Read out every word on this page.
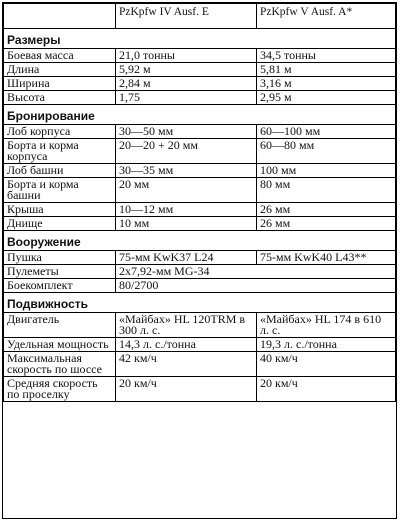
	PzKpfw IV Ausf. E	PzKpfw V Ausf. A*
Размеры		
Боевая масса	21,0 тонны	34,5 тонны
Длина	5,92 м	5,81 м
Ширина	2,84 м	3,16 м
Высота	1,75	2,95 м
Бронирование		
Лоб корпуса	30—50 мм	60—100 мм
Борта и корма корпуса	20—20 + 20 мм	60—80 мм
Лоб башни	30—35 мм	100 мм
Борта и корма башни	20 мм	80 мм
Крыша	10—12 мм	26 мм
Днище	10 мм	26 мм
Вооружение		
Пушка	75-мм KwK37 L24	75-мм KwK40 L43**
Пулеметы	2х7,92-мм MG-34	
Боекомплект	80/2700	
Подвижность		
Двигатель	«Майбах» HL 120TRM в 300 л. с.	«Майбах» HL 174 в 610 л. с.
Удельная мощность	14,3 л. с./тонна	19,3 л. с./тонна
Максимальная скорость по шоссе	42 км/ч	40 км/ч
Средняя скорость по проселку	20 км/ч	20 км/ч
